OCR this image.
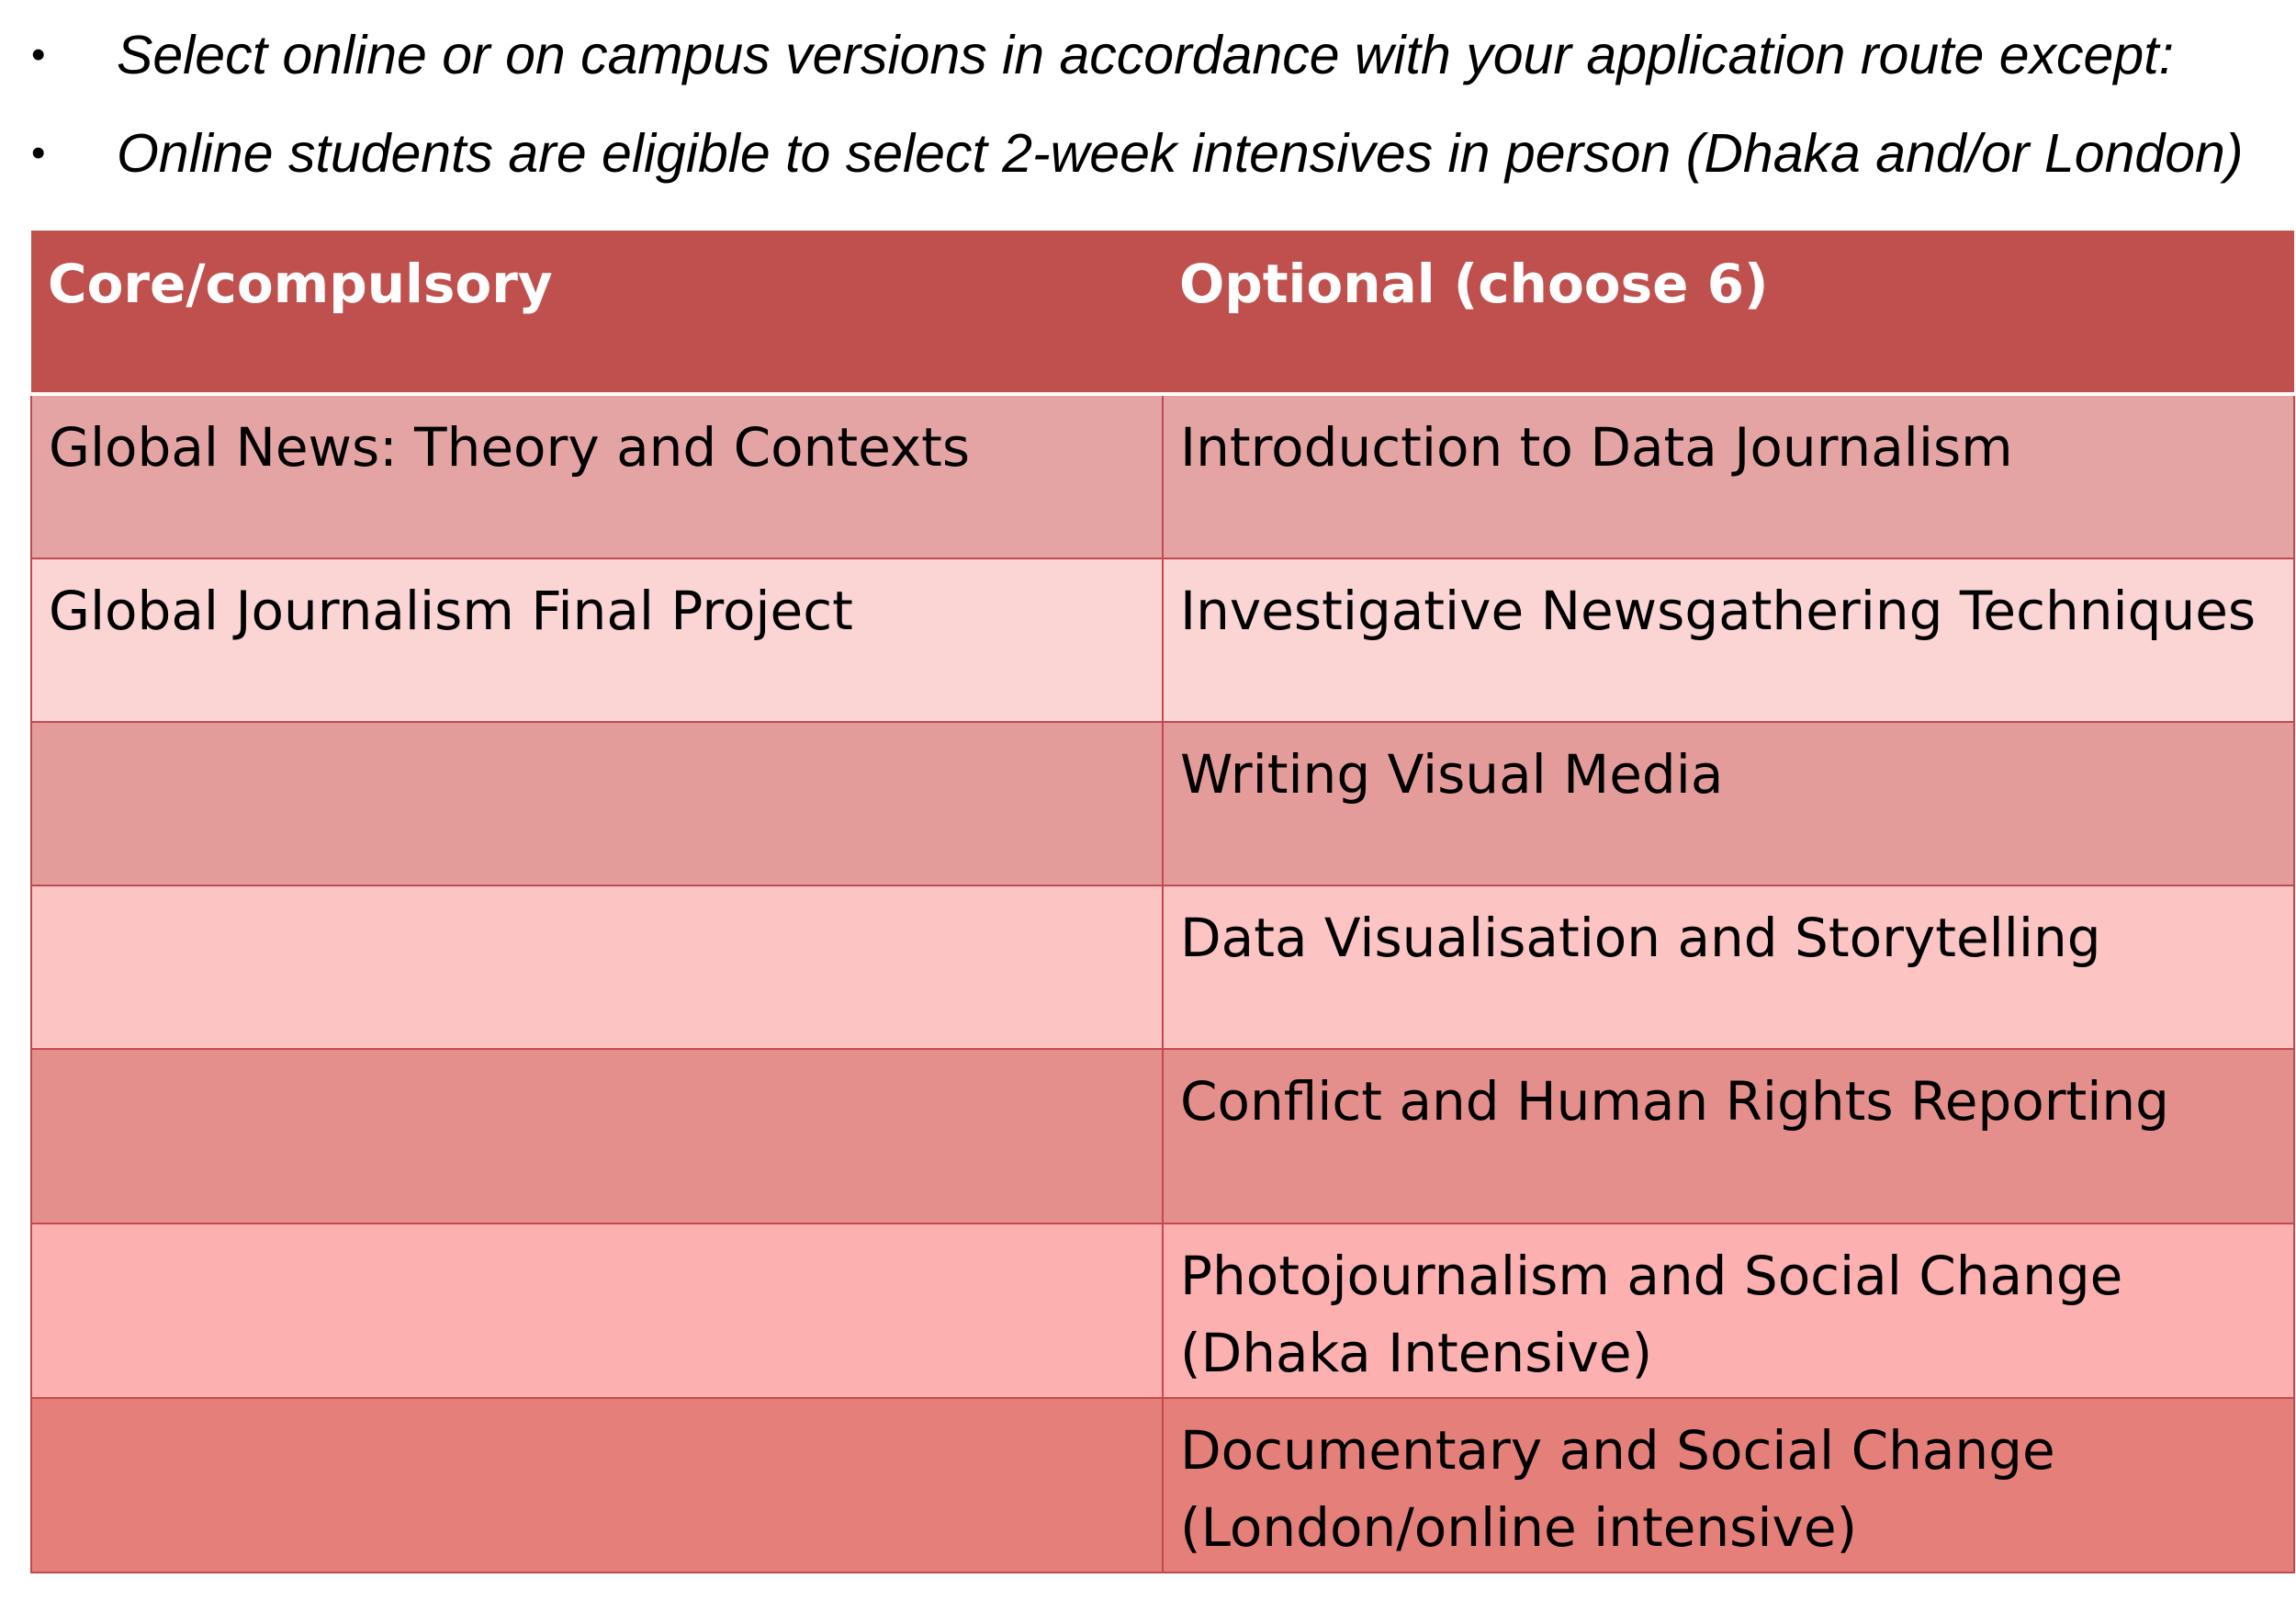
• Select online or on campus versions in accordance with your application route except:
• Online students are eligible to select 2-week intensives in person (Dhaka and/or London)
Core/compulsory	Optional (choose 6)
Global News: Theory and Contexts	Introduction to Data Journalism
Global Journalism Final Project	Investigative Newsgathering Techniques
	Writing Visual Media
	Data Visualisation and Storytelling
	Conflict and Human Rights Reporting
	Photojournalism and Social Change (Dhaka Intensive)
	Documentary and Social Change (London/online intensive)
